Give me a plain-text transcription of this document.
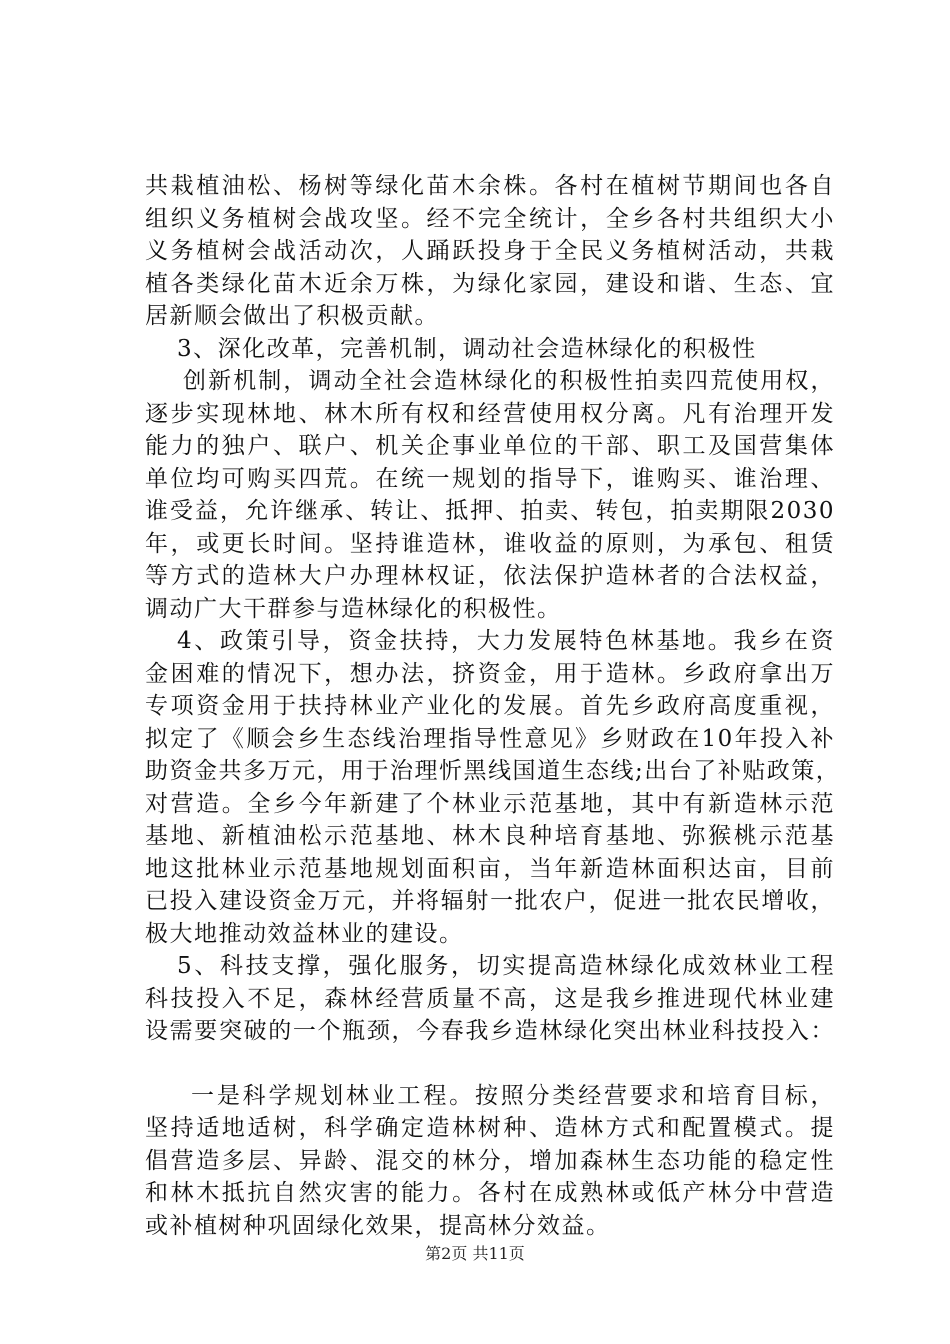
共栽植油松、杨树等绿化苗木余株。各村在植树节期间也各自
组织义务植树会战攻坚。经不完全统计，全乡各村共组织大小
义务植树会战活动次，人踊跃投身于全民义务植树活动，共栽
植各类绿化苗木近余万株，为绿化家园，建设和谐、生态、宜
居新顺会做出了积极贡献。
3、深化改革，完善机制，调动社会造林绿化的积极性
创新机制，调动全社会造林绿化的积极性拍卖四荒使用权，
逐步实现林地、林木所有权和经营使用权分离。凡有治理开发
能力的独户、联户、机关企事业单位的干部、职工及国营集体
单位均可购买四荒。在统一规划的指导下，谁购买、谁治理、
谁受益，允许继承、转让、抵押、拍卖、转包，拍卖期限2030
年，或更长时间。坚持谁造林，谁收益的原则，为承包、租赁
等方式的造林大户办理林权证，依法保护造林者的合法权益，
调动广大干群参与造林绿化的积极性。
4、政策引导，资金扶持，大力发展特色林基地。我乡在资
金困难的情况下，想办法，挤资金，用于造林。乡政府拿出万
专项资金用于扶持林业产业化的发展。首先乡政府高度重视，
拟定了《顺会乡生态线治理指导性意见》乡财政在10年投入补
助资金共多万元，用于治理忻黑线国道生态线;出台了补贴政策，
对营造。全乡今年新建了个林业示范基地，其中有新造林示范
基地、新植油松示范基地、林木良种培育基地、弥猴桃示范基
地这批林业示范基地规划面积亩，当年新造林面积达亩，目前
已投入建设资金万元，并将辐射一批农户，促进一批农民增收，
极大地推动效益林业的建设。
5、科技支撑，强化服务，切实提高造林绿化成效林业工程
科技投入不足，森林经营质量不高，这是我乡推进现代林业建
设需要突破的一个瓶颈，今春我乡造林绿化突出林业科技投入：
一是科学规划林业工程。按照分类经营要求和培育目标，
坚持适地适树，科学确定造林树种、造林方式和配置模式。提
倡营造多层、异龄、混交的林分，增加森林生态功能的稳定性
和林木抵抗自然灾害的能力。各村在成熟林或低产林分中营造
或补植树种巩固绿化效果，提高林分效益。
第2页 共11页
